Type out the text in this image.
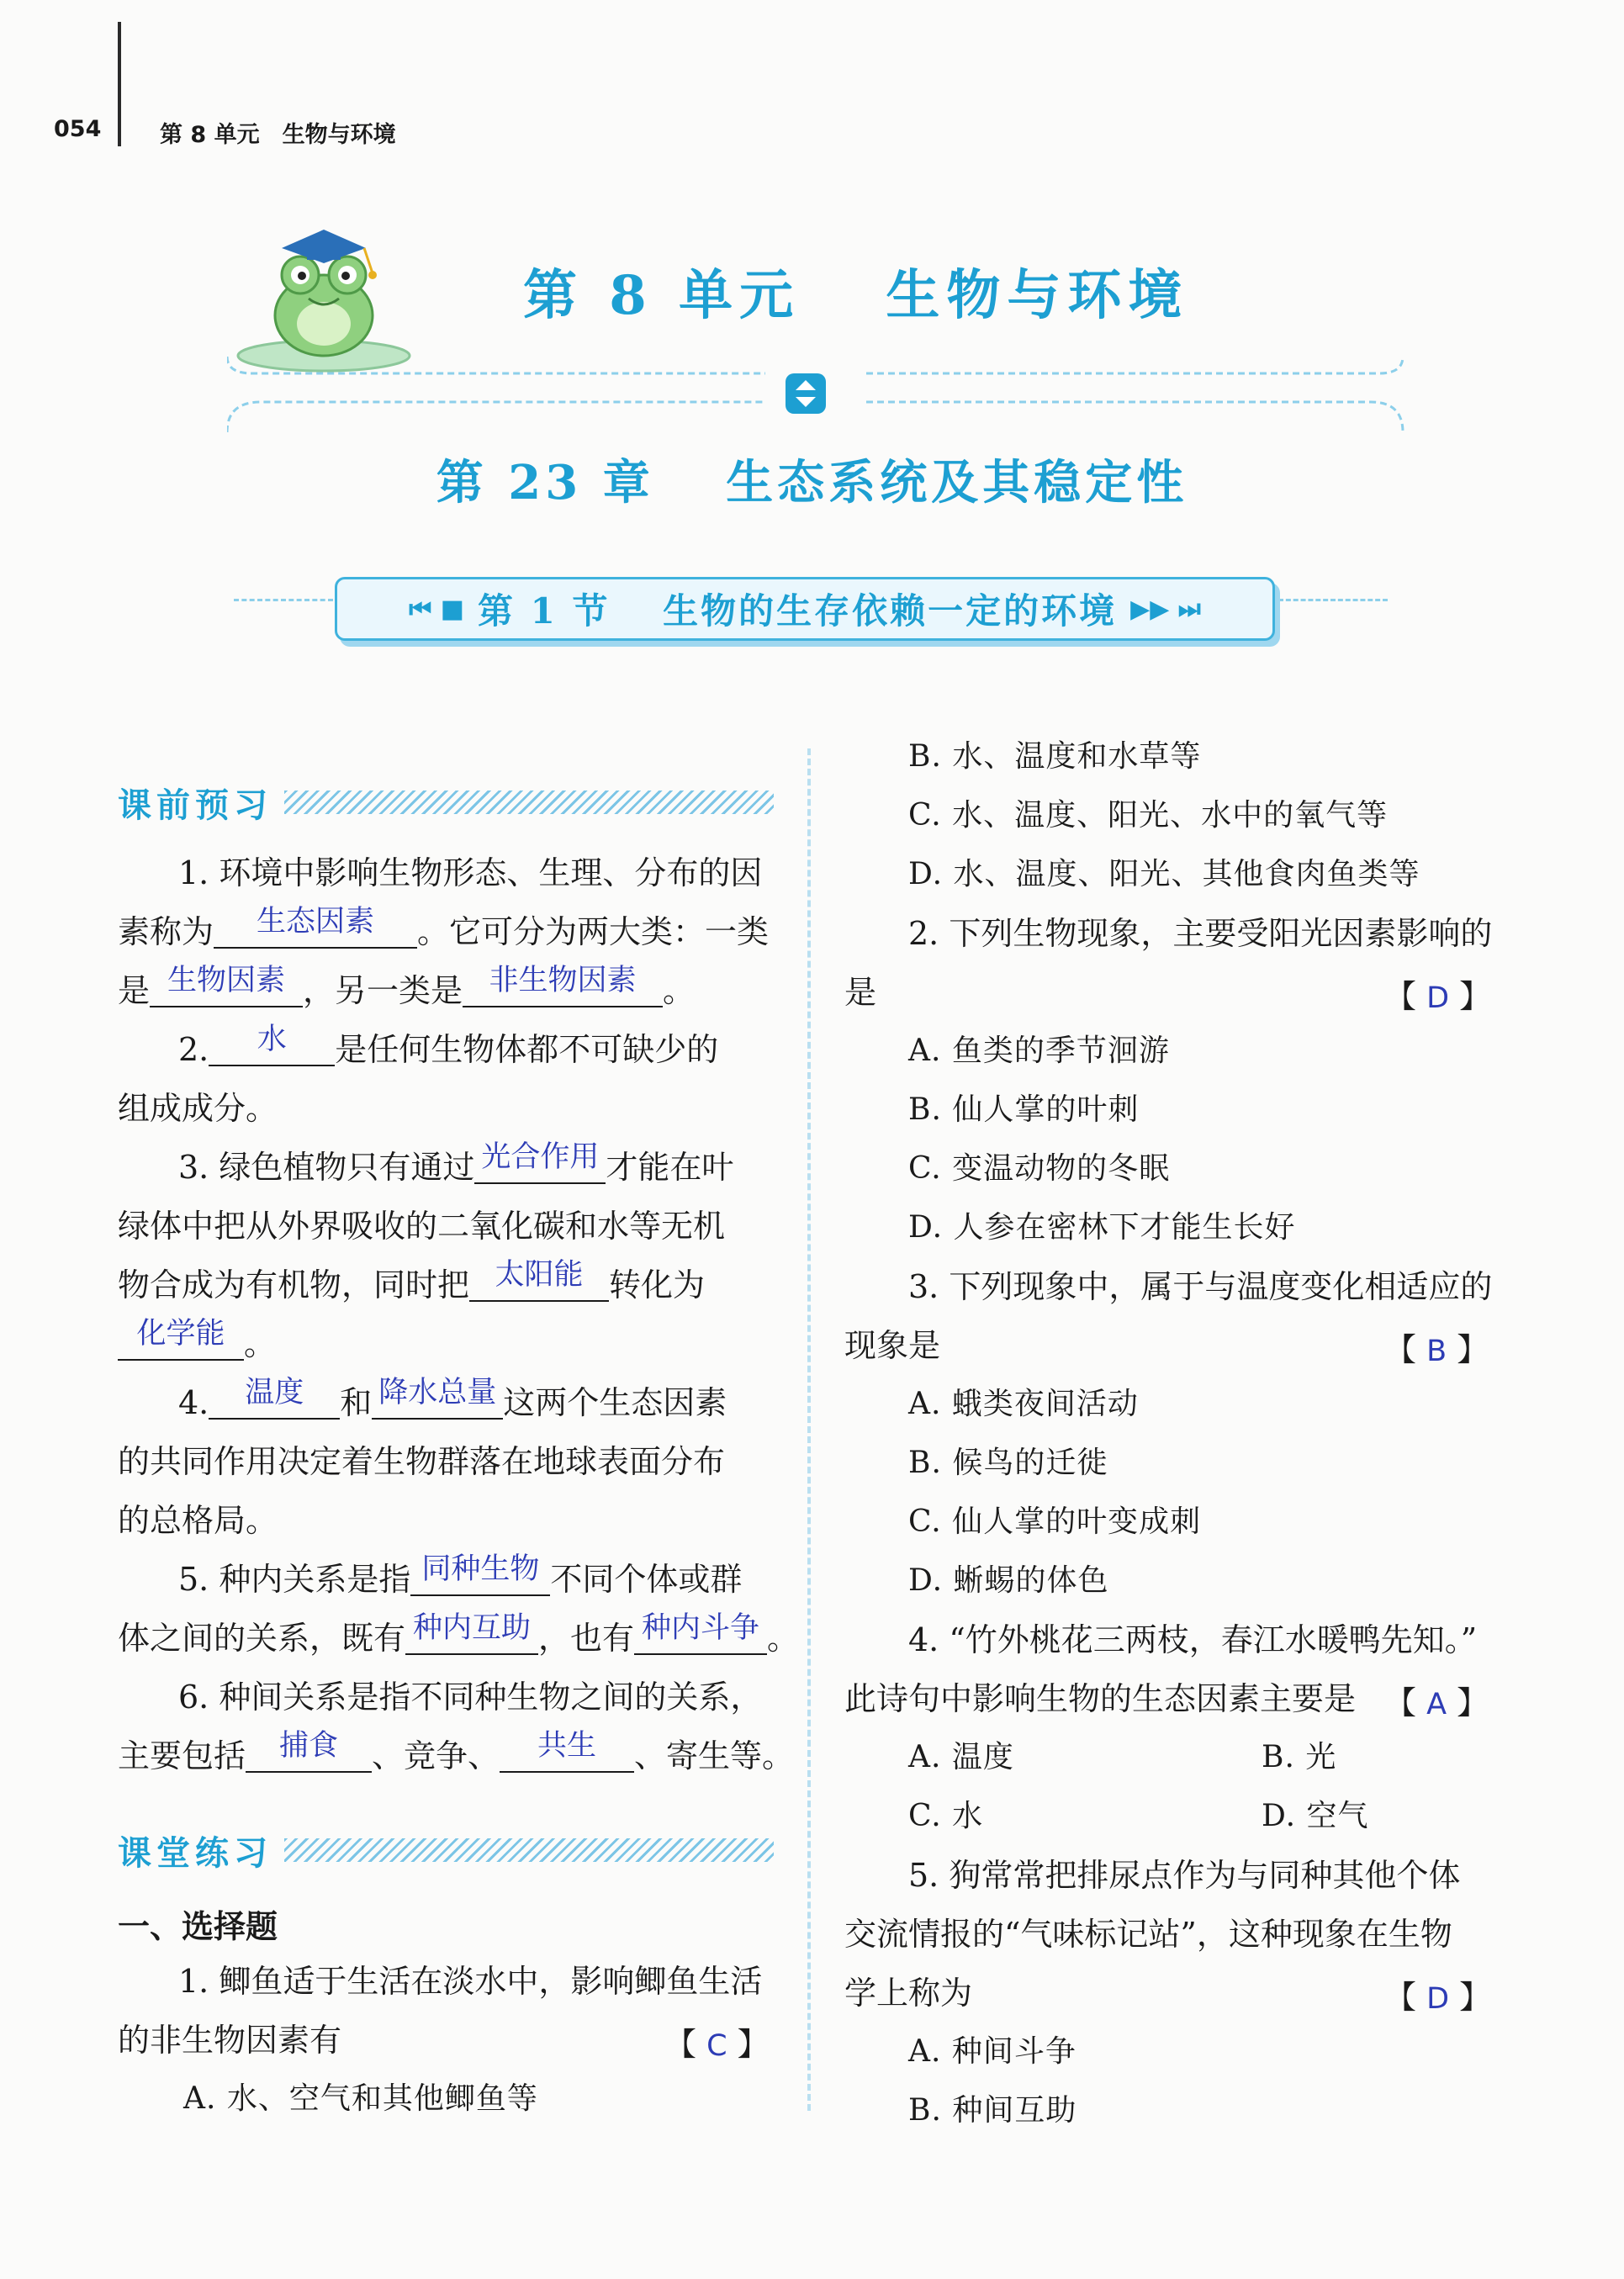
054	第 8 单元　生物与环境
第 8 单元　 生物与环境
第 23 章　 生态系统及其稳定性
⏮ ■ 第 1 节　 生物的生存依赖一定的环境 ▶▶ ⏭
课前预习
1. 环境中影响生物形态、生理、分布的因
素称为 生态因素 。它可分为两大类：一类
是 生物因素 ，另一类是 非生物因素 。
2. 水 是任何生物体都不可缺少的
组成成分。
3. 绿色植物只有通过 光合作用 才能在叶
绿体中把从外界吸收的二氧化碳和水等无机
物合成为有机物，同时把 太阳能 转化为
化学能 。
4. 温度 和 降水总量 这两个生态因素
的共同作用决定着生物群落在地球表面分布
的总格局。
5. 种内关系是指 同种生物 不同个体或群
体之间的关系，既有 种内互助 ，也有 种内斗争 。
6. 种间关系是指不同种生物之间的关系，
主要包括 捕食 、竞争、 共生 、寄生等。
课堂练习
一、选择题
1. 鲫鱼适于生活在淡水中，影响鲫鱼生活
的非生物因素有	【 C 】
A. 水、空气和其他鲫鱼等
B. 水、温度和水草等
C. 水、温度、阳光、水中的氧气等
D. 水、温度、阳光、其他食肉鱼类等
2. 下列生物现象，主要受阳光因素影响的
是	【 D 】
A. 鱼类的季节洄游
B. 仙人掌的叶刺
C. 变温动物的冬眠
D. 人参在密林下才能生长好
3. 下列现象中，属于与温度变化相适应的
现象是	【 B 】
A. 蛾类夜间活动
B. 候鸟的迁徙
C. 仙人掌的叶变成刺
D. 蜥蜴的体色
4. “竹外桃花三两枝，春江水暖鸭先知。”
此诗句中影响生物的生态因素主要是 【 A 】
A. 温度	B. 光
C. 水	D. 空气
5. 狗常常把排尿点作为与同种其他个体
交流情报的“气味标记站”，这种现象在生物
学上称为	【 D 】
A. 种间斗争
B. 种间互助
